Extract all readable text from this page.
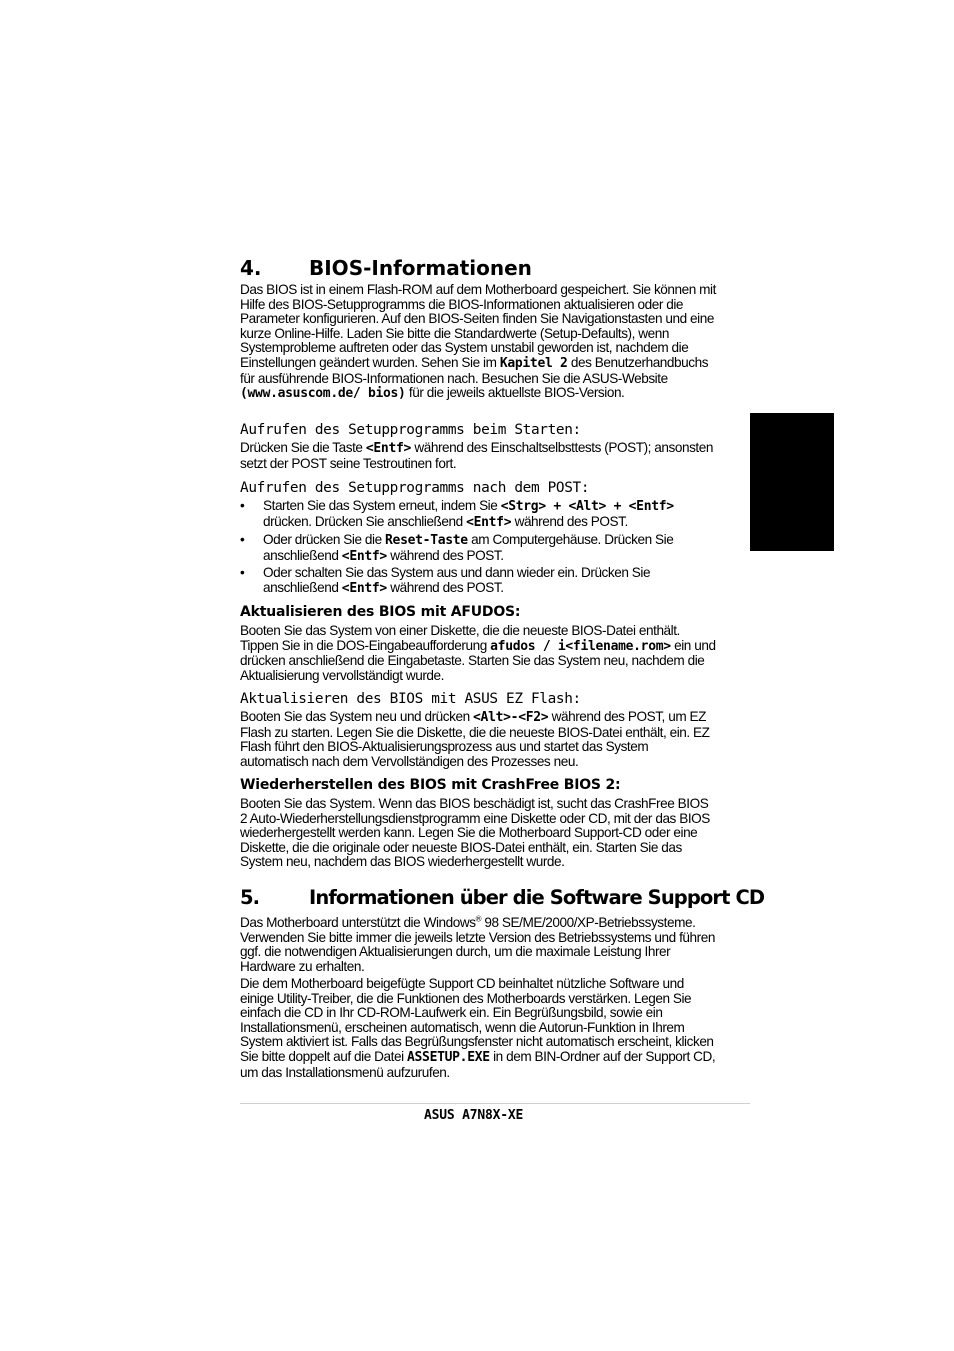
4. BIOS-Informationen
Das BIOS ist in einem Flash-ROM auf dem Motherboard gespeichert. Sie können mit Hilfe des BIOS-Setupprogramms die BIOS-Informationen aktualisieren oder die Parameter konfigurieren. Auf den BIOS-Seiten finden Sie Navigationstasten und eine kurze Online-Hilfe. Laden Sie bitte die Standardwerte (Setup-Defaults), wenn Systemprobleme auftreten oder das System unstabil geworden ist, nachdem die Einstellungen geändert wurden. Sehen Sie im Kapitel 2 des Benutzerhandbuchs für ausführende BIOS-Informationen nach. Besuchen Sie die ASUS-Website (www.asuscom.de/ bios) für die jeweils aktuellste BIOS-Version.
Aufrufen des Setupprogramms beim Starten:
Drücken Sie die Taste <Entf> während des Einschaltselbsttests (POST); ansonsten setzt der POST seine Testroutinen fort.
Aufrufen des Setupprogramms nach dem POST:
• Starten Sie das System erneut, indem Sie <Strg> + <Alt> + <Entf> drücken. Drücken Sie anschließend <Entf> während des POST.
• Oder drücken Sie die Reset-Taste am Computergehäuse. Drücken Sie anschließend <Entf> während des POST.
• Oder schalten Sie das System aus und dann wieder ein. Drücken Sie anschließend <Entf> während des POST.
Aktualisieren des BIOS mit AFUDOS:
Booten Sie das System von einer Diskette, die die neueste BIOS-Datei enthält. Tippen Sie in die DOS-Eingabeaufforderung afudos / i<filename.rom> ein und drücken anschließend die Eingabetaste. Starten Sie das System neu, nachdem die Aktualisierung vervollständigt wurde.
Aktualisieren des BIOS mit ASUS EZ Flash:
Booten Sie das System neu und drücken <Alt>-<F2> während des POST, um EZ Flash zu starten. Legen Sie die Diskette, die die neueste BIOS-Datei enthält, ein. EZ Flash führt den BIOS-Aktualisierungsprozess aus und startet das System automatisch nach dem Vervollständigen des Prozesses neu.
Wiederherstellen des BIOS mit CrashFree BIOS 2:
Booten Sie das System. Wenn das BIOS beschädigt ist, sucht das CrashFree BIOS 2 Auto-Wiederherstellungsdienstprogramm eine Diskette oder CD, mit der das BIOS wiederhergestellt werden kann. Legen Sie die Motherboard Support-CD oder eine Diskette, die die originale oder neueste BIOS-Datei enthält, ein. Starten Sie das System neu, nachdem das BIOS wiederhergestellt wurde.
5.	Informationen über die Software Support CD
Das Motherboard unterstützt die Windows® 98 SE/ME/2000/XP-Betriebssysteme. Verwenden Sie bitte immer die jeweils letzte Version des Betriebssystems und führen ggf. die notwendigen Aktualisierungen durch, um die maximale Leistung Ihrer Hardware zu erhalten.
Die dem Motherboard beigefügte Support CD beinhaltet nützliche Software und einige Utility-Treiber, die die Funktionen des Motherboards verstärken. Legen Sie einfach die CD in Ihr CD-ROM-Laufwerk ein. Ein Begrüßungsbild, sowie ein Installationsmenü, erscheinen automatisch, wenn die Autorun-Funktion in Ihrem System aktiviert ist. Falls das Begrüßungsfenster nicht automatisch erscheint, klicken Sie bitte doppelt auf die Datei ASSETUP.EXE in dem BIN-Ordner auf der Support CD, um das Installationsmenü aufzurufen.
ASUS A7N8X-XE
